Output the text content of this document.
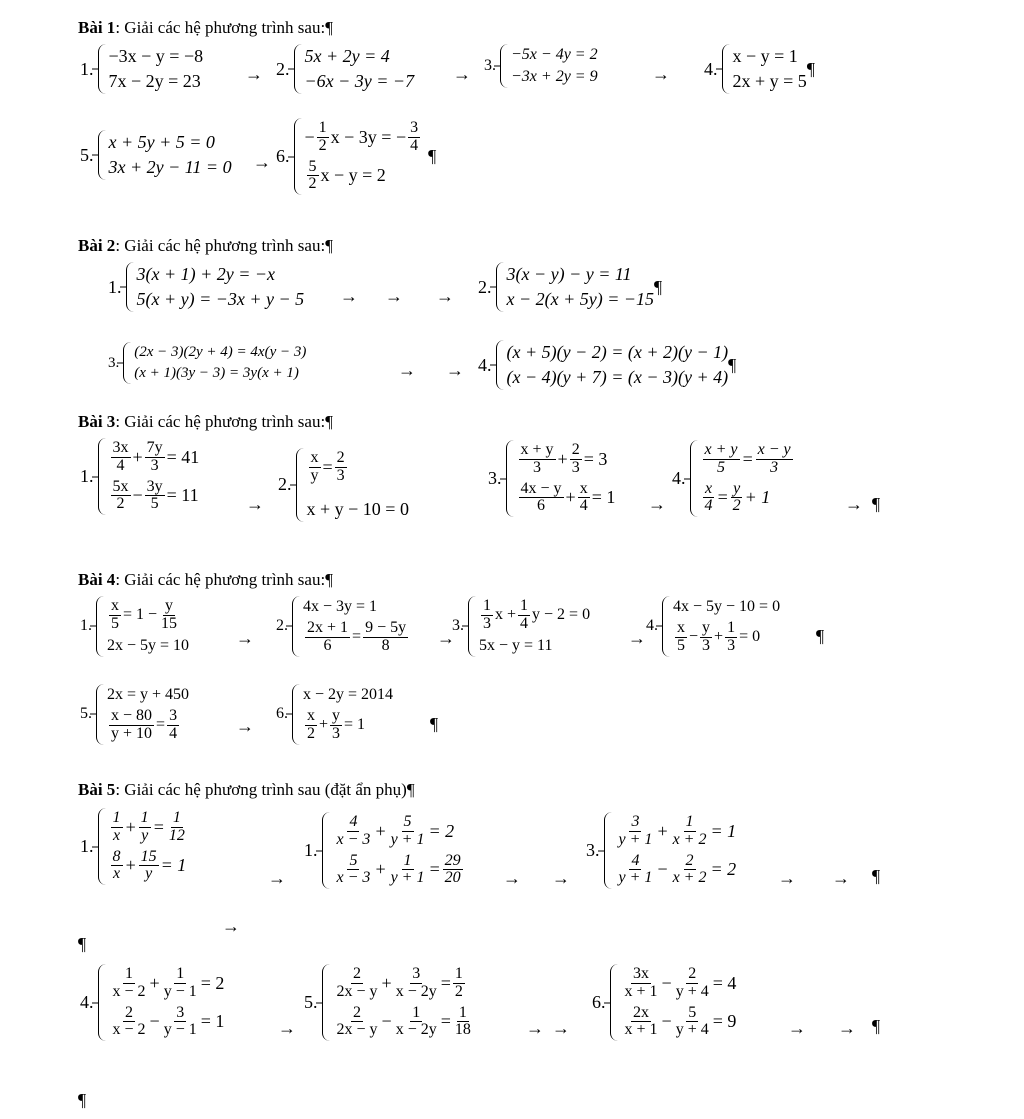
Bài 1: Giải các hệ phương trình sau:¶
1.
−3x − y = −8
7x − 2y = 23 → 2.
5x + 2y = 4
−6x − 3y = −7 → 3.
−5x − 4y = 2
−3x + 2y = 9	→ 4.
x − y = 1
2x + y = 5
¶
5.
x + 5y + 5 = 0
3x + 2y − 11 = 0 → 6.
− $\frac{1}{2}$ x − 3y = − $\frac{3}{4}$
$\frac{5}{2}$ x − y = 2
¶
Bài 2: Giải các hệ phương trình sau:¶
1.
3(x + 1) + 2y = −x
5(x + y) = −3x + y − 5 → → → 2.
3(x − y) − y = 11
x − 2(x + 5y) = −15
¶
3.
(2x − 3)(2y + 4) = 4x(y − 3)
(x + 1)(3y − 3) = 3y(x + 1)	→ → 4.
(x + 5)(y − 2) = (x + 2)(y − 1)
(x − 4)(y + 7) = (x − 3)(y + 4)
¶
Bài 3: Giải các hệ phương trình sau:¶
1.
$\frac{3x}{4} + \frac{7y}{3} = 41$
$\frac{5x}{2} - \frac{3y}{5} = 11$	→
2. $\frac{x}{y} = \frac{2}{3}$
x + y − 10 = 0
3.
$\frac{x + y}{3} + \frac{2}{3} = 3$
$\frac{4x - y}{6} + \frac{x}{4} = 1$ →
4.
$\frac{x + y}{5} = \frac{x - y}{3}$
$\frac{x}{4} = \frac{y}{2} + 1$	→ ¶
Bài 4: Giải các hệ phương trình sau:¶
1. $\frac{x}{5} = 1 - \frac{y}{15}$
2x − 5y = 10	→
2.
4x − 3y = 1
$\frac{2x + 1}{6} = \frac{9 - 5y}{8}$ →
3. $\frac{1}{3}$ $x + \frac{1}{4}$ y − 2 = 0
5x − y = 11	→
4.
4x − 5y − 10 = 0
$\frac{x}{5} - \frac{y}{3} + \frac{1}{3} = 0$	¶
5.
2x = y + 450
$\frac{x - 80}{y + 10} = \frac{3}{4}$	→
6.
x − 2y = 2014
$\frac{x}{2} + \frac{y}{3} = 1$	¶
Bài 5: Giải các hệ phương trình sau (đặt ẩn phụ)¶
1.
$\frac{1}{x} + \frac{1}{y} = \frac{1}{12}$
$\frac{8}{x} + \frac{15}{y} = 1$
→
→
1.
$\frac{4}{x - 3} + \frac{5}{y + 1} = 2$
$\frac{5}{x - 3} + \frac{1}{y + 1} = \frac{29}{20}$ → →
3.
$\frac{3}{y + 1} + \frac{1}{x + 2} = 1$
$\frac{4}{y + 1} - \frac{2}{x + 2} = 2$ → → ¶
¶
4.
$\frac{1}{x - 2} + \frac{1}{y - 1} = 2$
$\frac{2}{x - 2} - \frac{3}{y - 1} = 1$	→
5.
$\frac{2}{2x - y} + \frac{3}{x - 2y} = \frac{1}{2}$
$\frac{2}{2x - y} - \frac{1}{x - 2y} = \frac{1}{18}$	→ →
6.
$\frac{3x}{x + 1} - \frac{2}{y + 4} = 4$
$\frac{2x}{x + 1} - \frac{5}{y + 4} = 9$	→ → ¶
¶
